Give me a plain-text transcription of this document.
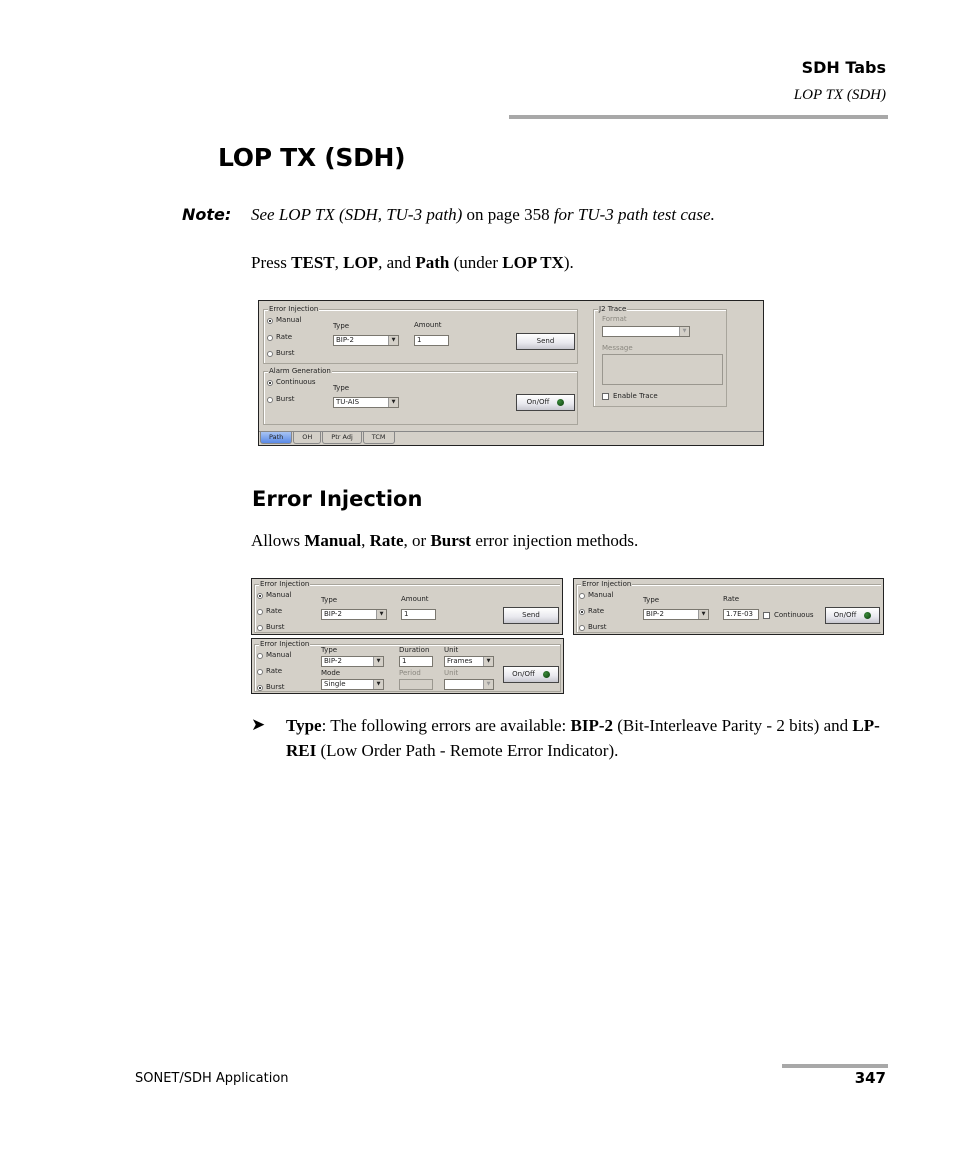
SDH Tabs
LOP TX (SDH)
LOP TX (SDH)
Note: See LOP TX (SDH, TU-3 path) on page 358 for TU-3 path test case.
Press TEST, LOP, and Path (under LOP TX).
Error Injection
Manual
Rate
Burst
Type
BIP-2	▼
Amount
1	Send
Alarm Generation
Continuous
Burst
Type
TU-AIS	▼	On/Off
J2 Trace
Format
▼
Message
Enable Trace
Path	OH	Ptr Adj	TCM
Error Injection
Allows Manual, Rate, or Burst error injection methods.
Error Injection
Manual
Rate
Burst
Type
BIP-2	▼
Amount
1	Send
Error Injection
Manual
Rate
Burst
Type
BIP-2	▼
Rate
1.7E-03	Continuous	On/Off
Error Injection
Manual
Rate
Burst
Type
BIP-2	▼
Mode
Single	▼
Duration
1
Period
Unit
Frames	▼
Unit
▼
On/Off
➤ Type: The following errors are available: BIP-2 (Bit-Interleave Parity - 2 bits) and LP-REI (Low Order Path - Remote Error Indicator).
SONET/SDH Application	347
